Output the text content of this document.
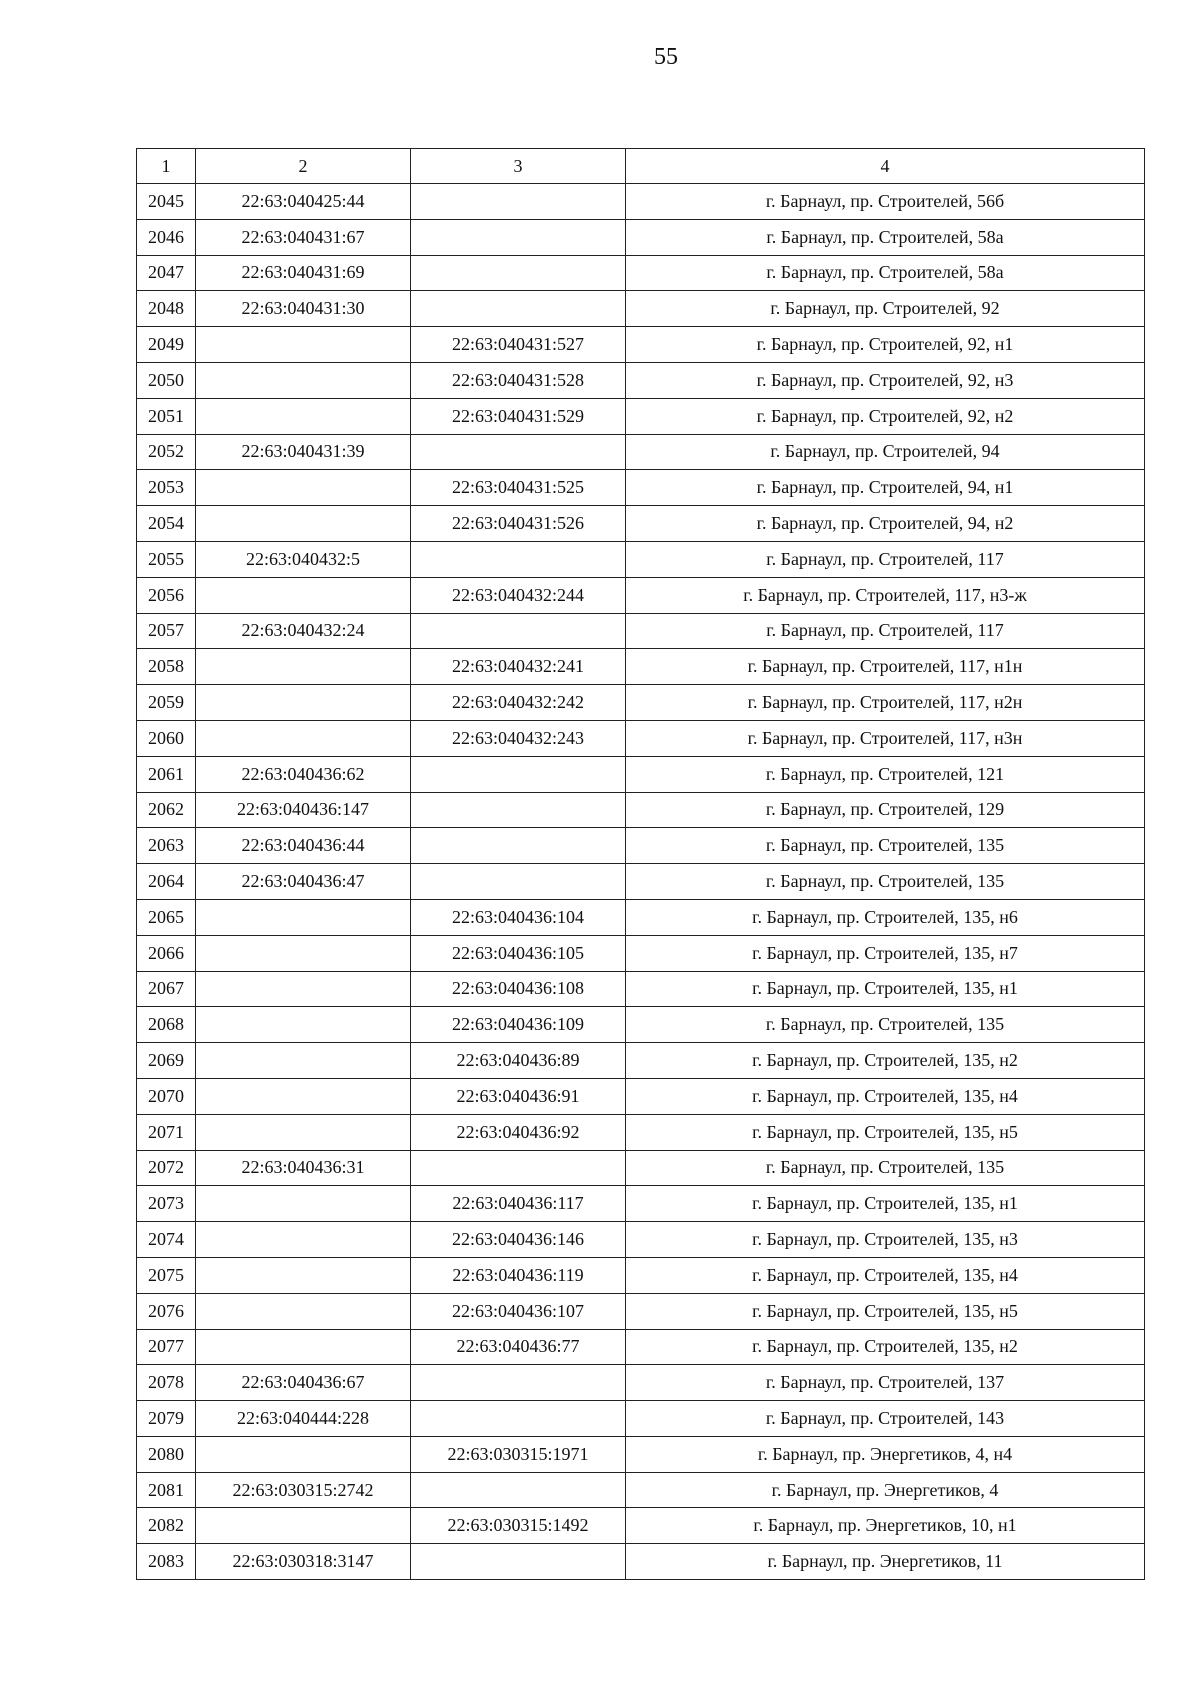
55
1	2	3	4
2045	22:63:040425:44		г. Барнаул, пр. Строителей, 56б
2046	22:63:040431:67		г. Барнаул, пр. Строителей, 58а
2047	22:63:040431:69		г. Барнаул, пр. Строителей, 58а
2048	22:63:040431:30		г. Барнаул, пр. Строителей, 92
2049		22:63:040431:527	г. Барнаул, пр. Строителей, 92, н1
2050		22:63:040431:528	г. Барнаул, пр. Строителей, 92, н3
2051		22:63:040431:529	г. Барнаул, пр. Строителей, 92, н2
2052	22:63:040431:39		г. Барнаул, пр. Строителей, 94
2053		22:63:040431:525	г. Барнаул, пр. Строителей, 94, н1
2054		22:63:040431:526	г. Барнаул, пр. Строителей, 94, н2
2055	22:63:040432:5		г. Барнаул, пр. Строителей, 117
2056		22:63:040432:244	г. Барнаул, пр. Строителей, 117, н3-ж
2057	22:63:040432:24		г. Барнаул, пр. Строителей, 117
2058		22:63:040432:241	г. Барнаул, пр. Строителей, 117, н1н
2059		22:63:040432:242	г. Барнаул, пр. Строителей, 117, н2н
2060		22:63:040432:243	г. Барнаул, пр. Строителей, 117, н3н
2061	22:63:040436:62		г. Барнаул, пр. Строителей, 121
2062	22:63:040436:147		г. Барнаул, пр. Строителей, 129
2063	22:63:040436:44		г. Барнаул, пр. Строителей, 135
2064	22:63:040436:47		г. Барнаул, пр. Строителей, 135
2065		22:63:040436:104	г. Барнаул, пр. Строителей, 135, н6
2066		22:63:040436:105	г. Барнаул, пр. Строителей, 135, н7
2067		22:63:040436:108	г. Барнаул, пр. Строителей, 135, н1
2068		22:63:040436:109	г. Барнаул, пр. Строителей, 135
2069		22:63:040436:89	г. Барнаул, пр. Строителей, 135, н2
2070		22:63:040436:91	г. Барнаул, пр. Строителей, 135, н4
2071		22:63:040436:92	г. Барнаул, пр. Строителей, 135, н5
2072	22:63:040436:31		г. Барнаул, пр. Строителей, 135
2073		22:63:040436:117	г. Барнаул, пр. Строителей, 135, н1
2074		22:63:040436:146	г. Барнаул, пр. Строителей, 135, н3
2075		22:63:040436:119	г. Барнаул, пр. Строителей, 135, н4
2076		22:63:040436:107	г. Барнаул, пр. Строителей, 135, н5
2077		22:63:040436:77	г. Барнаул, пр. Строителей, 135, н2
2078	22:63:040436:67		г. Барнаул, пр. Строителей, 137
2079	22:63:040444:228		г. Барнаул, пр. Строителей, 143
2080		22:63:030315:1971	г. Барнаул, пр. Энергетиков, 4, н4
2081	22:63:030315:2742		г. Барнаул, пр. Энергетиков, 4
2082		22:63:030315:1492	г. Барнаул, пр. Энергетиков, 10, н1
2083	22:63:030318:3147		г. Барнаул, пр. Энергетиков, 11
